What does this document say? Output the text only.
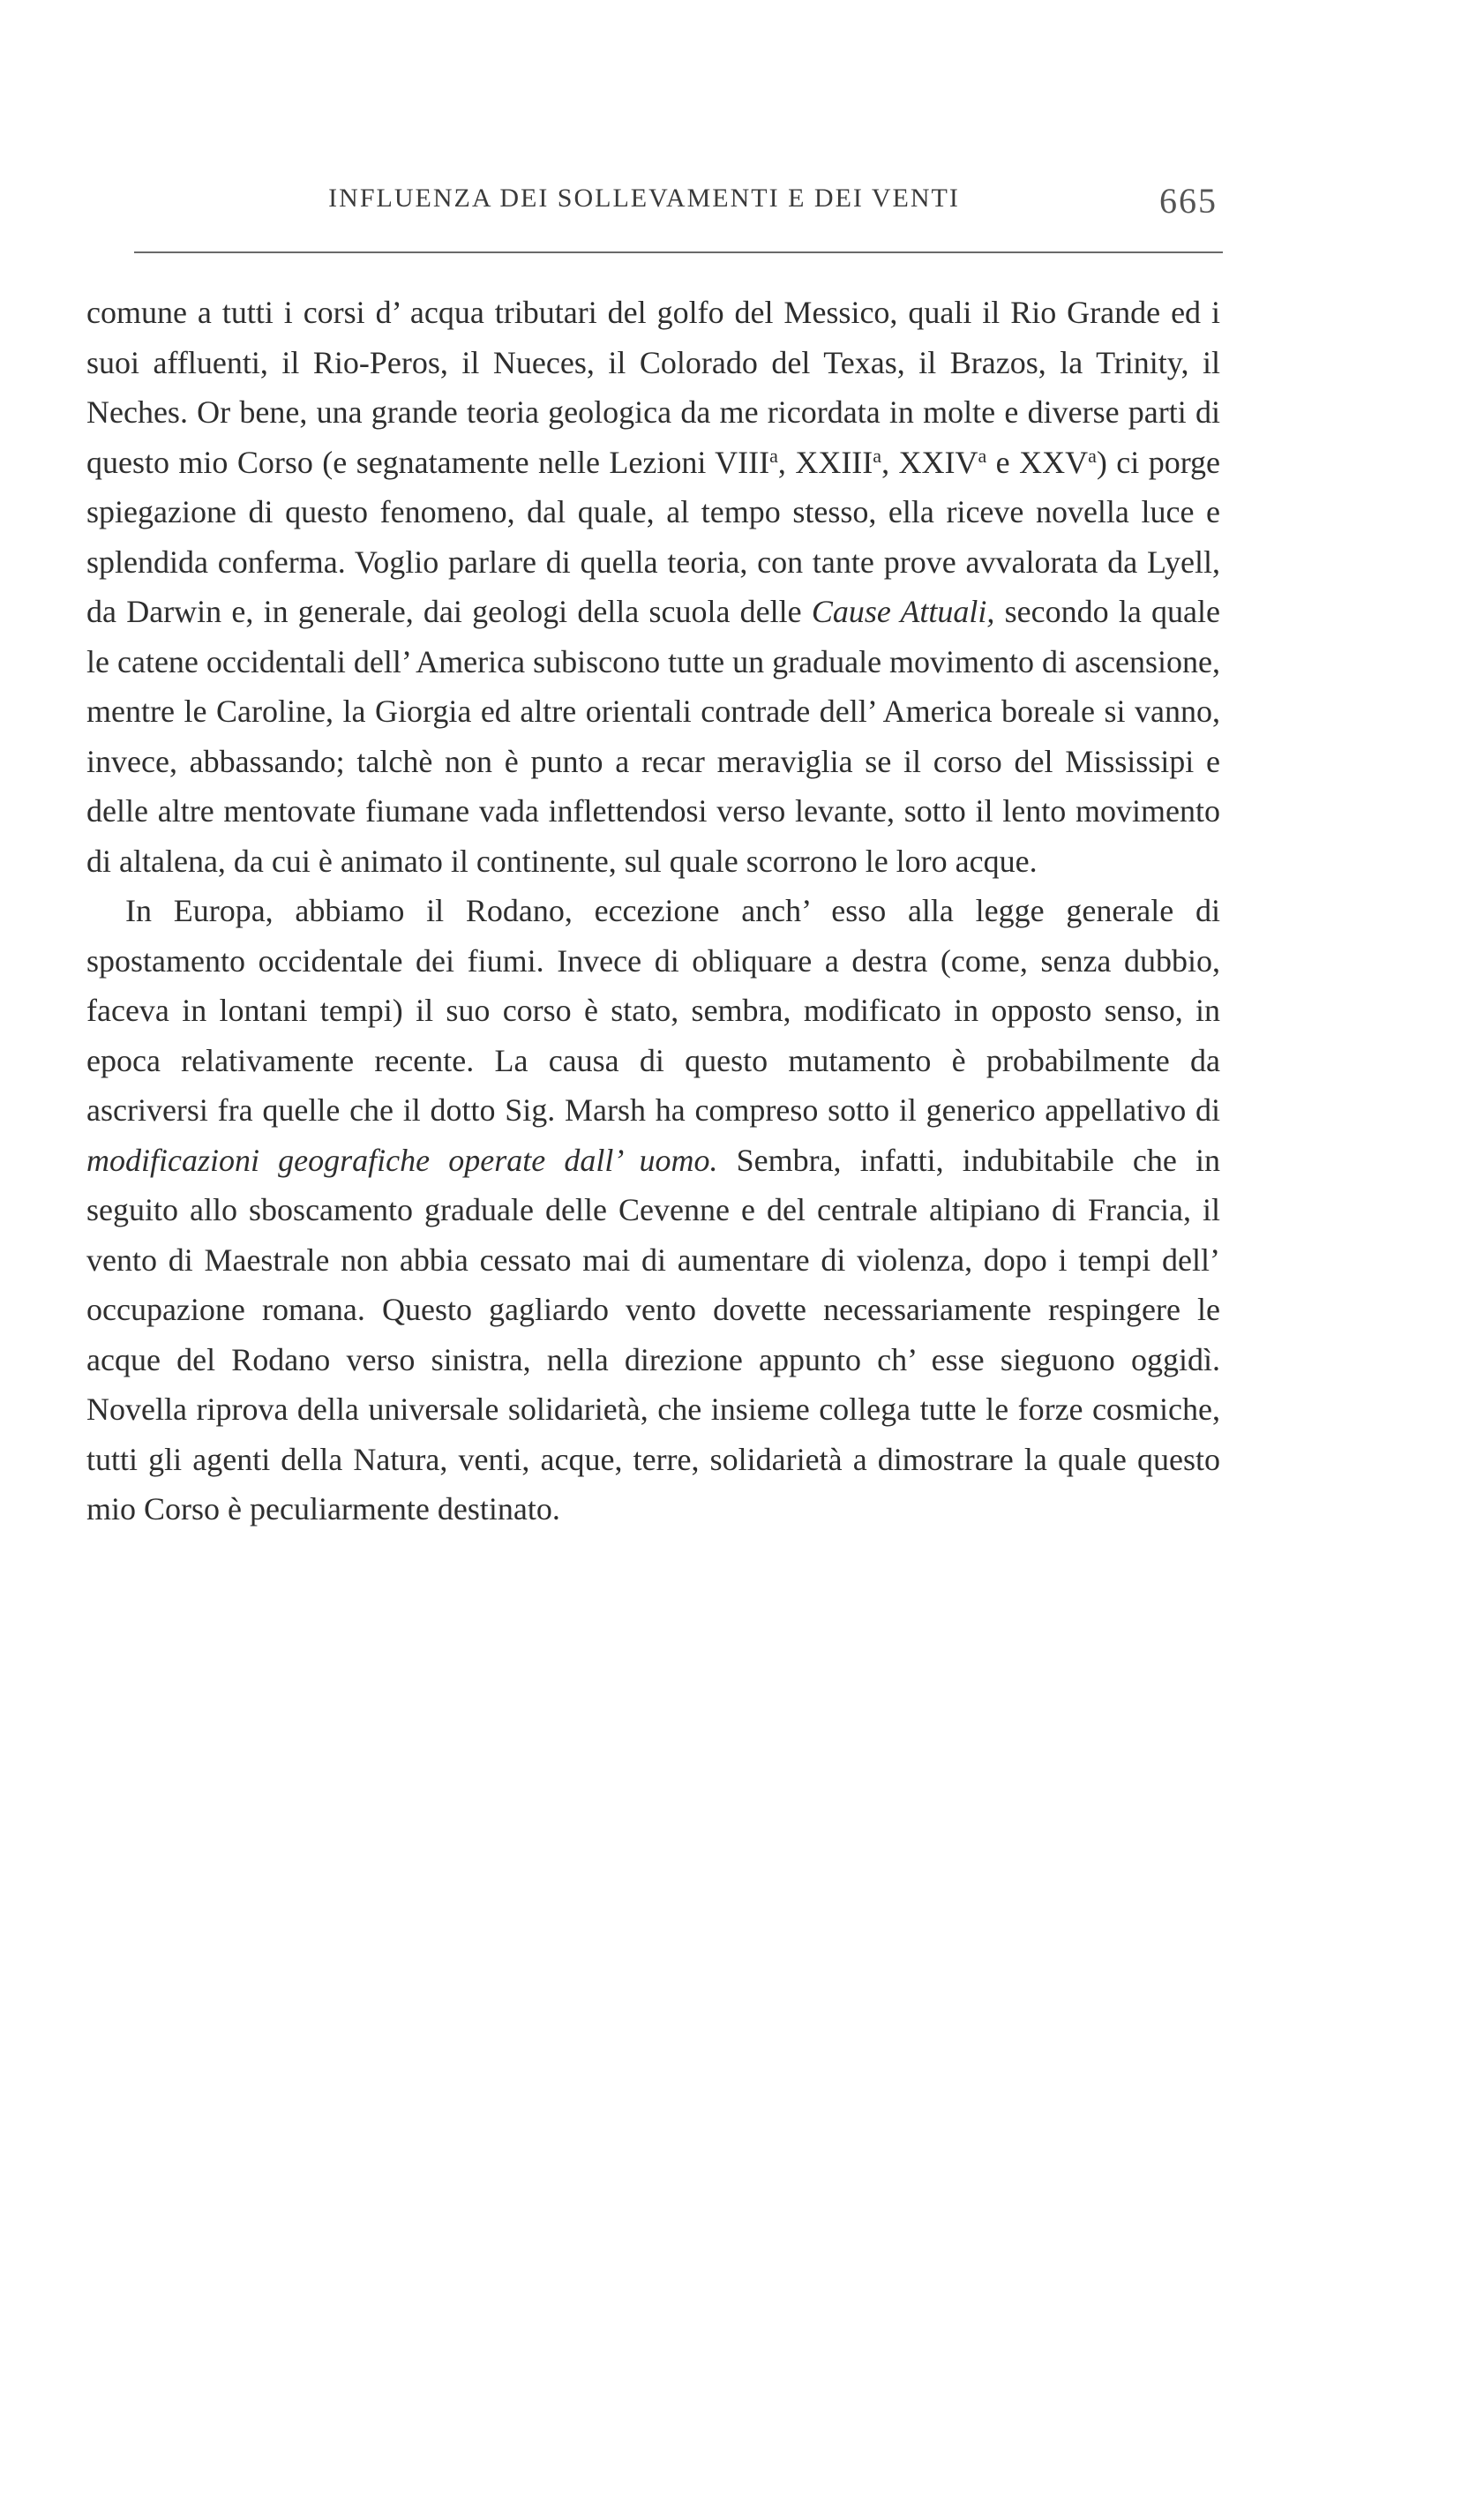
INFLUENZA DEI SOLLEVAMENTI E DEI VENTI	665

comune a tutti i corsi d’ acqua tributari del golfo del Messico, quali il Rio Grande ed i suoi affluenti, il Rio-Peros, il Nueces, il Colorado del Texas, il Brazos, la Trinity, il Neches. Or bene, una grande teoria geologica da me ricordata in molte e diverse parti di questo mio Corso (e segnatamente nelle Lezioni VIII$^a$, XXIII$^a$, XXIV$^a$ e XXV$^a$) ci porge spiegazione di questo fenomeno, dal quale, al tempo stesso, ella riceve novella luce e splendida conferma. Voglio parlare di quella teoria, con tante prove avvalorata da Lyell, da Darwin e, in generale, dai geologi della scuola delle Cause Attuali, secondo la quale le catene occidentali dell’ America subiscono tutte un graduale movimento di ascensione, mentre le Caroline, la Giorgia ed altre orientali contrade dell’ America boreale si vanno, invece, abbassando; talchè non è punto a recar meraviglia se il corso del Mississipi e delle altre mentovate fiumane vada inflettendosi verso levante, sotto il lento movimento di altalena, da cui è animato il continente, sul quale scorrono le loro acque.

In Europa, abbiamo il Rodano, eccezione anch’ esso alla legge generale di spostamento occidentale dei fiumi. Invece di obliquare a destra (come, senza dubbio, faceva in lontani tempi) il suo corso è stato, sembra, modificato in opposto senso, in epoca relativamente recente. La causa di questo mutamento è probabilmente da ascriversi fra quelle che il dotto Sig. Marsh ha compreso sotto il generico appellativo di modificazioni geografiche operate dall’ uomo. Sembra, infatti, indubitabile che in seguito allo sboscamento graduale delle Cevenne e del centrale altipiano di Francia, il vento di Maestrale non abbia cessato mai di aumentare di violenza, dopo i tempi dell’ occupazione romana. Questo gagliardo vento dovette necessariamente respingere le acque del Rodano verso sinistra, nella direzione appunto ch’ esse sieguono oggidì. Novella riprova della universale solidarietà, che insieme collega tutte le forze cosmiche, tutti gli agenti della Natura, venti, acque, terre, solidarietà a dimostrare la quale questo mio Corso è peculiarmente destinato.
